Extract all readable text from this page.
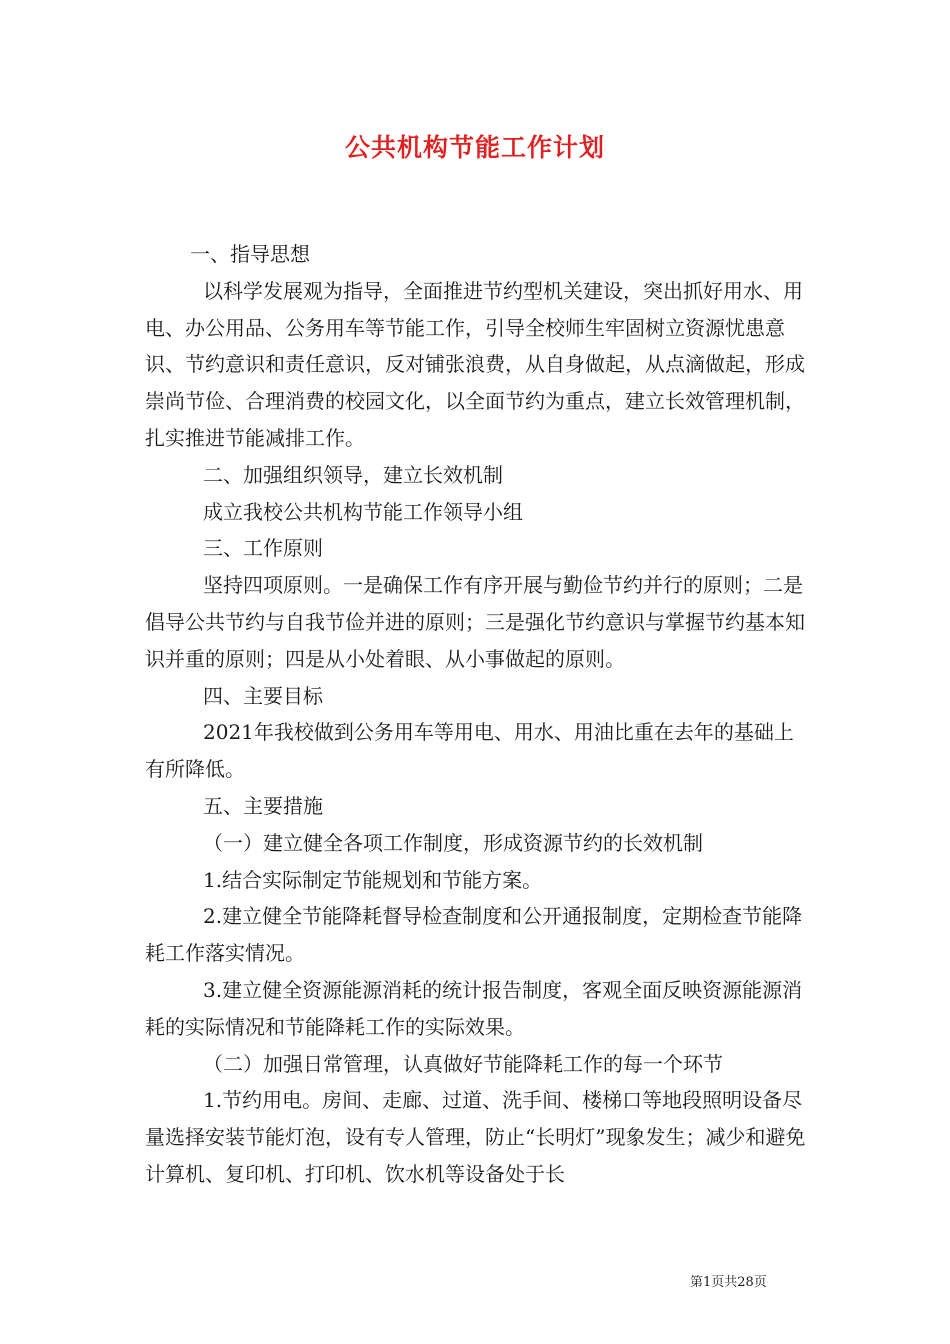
公共机构节能工作计划

一、指导思想

以科学发展观为指导，全面推进节约型机关建设，突出抓好用水、用电、办公用品、公务用车等节能工作，引导全校师生牢固树立资源忧患意识、节约意识和责任意识，反对铺张浪费，从自身做起，从点滴做起，形成崇尚节俭、合理消费的校园文化，以全面节约为重点，建立长效管理机制，扎实推进节能减排工作。

二、加强组织领导，建立长效机制

成立我校公共机构节能工作领导小组

三、工作原则

坚持四项原则。一是确保工作有序开展与勤俭节约并行的原则；二是倡导公共节约与自我节俭并进的原则；三是强化节约意识与掌握节约基本知识并重的原则；四是从小处着眼、从小事做起的原则。

四、主要目标

2021年我校做到公务用车等用电、用水、用油比重在去年的基础上有所降低。

五、主要措施

（一）建立健全各项工作制度，形成资源节约的长效机制

1.结合实际制定节能规划和节能方案。

2.建立健全节能降耗督导检查制度和公开通报制度，定期检查节能降耗工作落实情况。

3.建立健全资源能源消耗的统计报告制度，客观全面反映资源能源消耗的实际情况和节能降耗工作的实际效果。

（二）加强日常管理，认真做好节能降耗工作的每一个环节

1.节约用电。房间、走廊、过道、洗手间、楼梯口等地段照明设备尽量选择安装节能灯泡，设有专人管理，防止“长明灯”现象发生；减少和避免计算机、复印机、打印机、饮水机等设备处于长

第1页共28页
